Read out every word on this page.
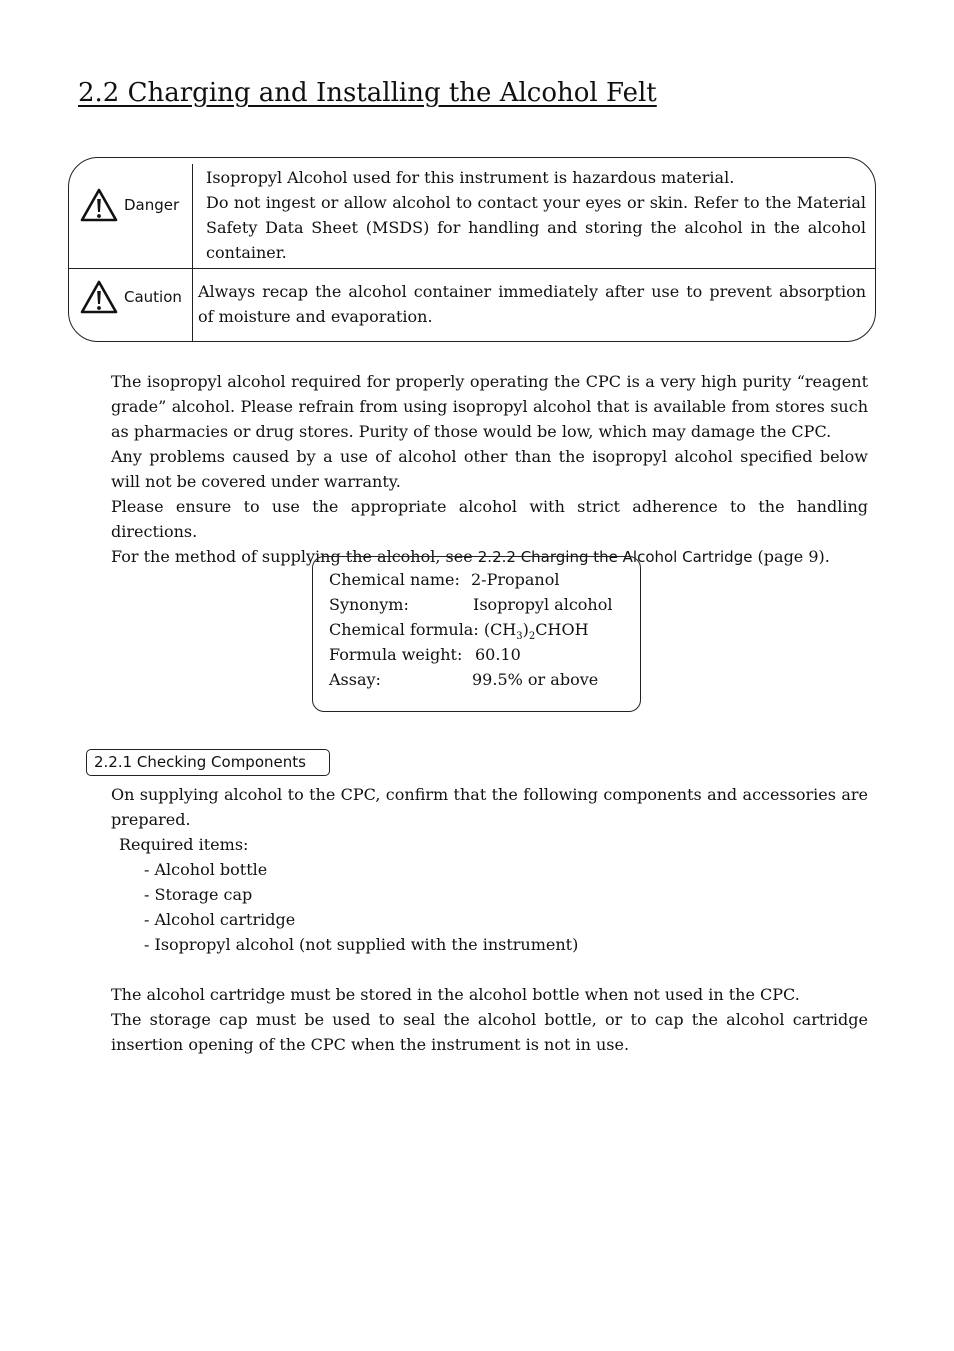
2.2 Charging and Installing the Alcohol Felt
Danger
Isopropyl Alcohol used for this instrument is hazardous material.
Do not ingest or allow alcohol to contact your eyes or skin. Refer to the Material Safety Data Sheet (MSDS) for handling and storing the alcohol in the alcohol container.
Caution Always recap the alcohol container immediately after use to prevent absorption of moisture and evaporation.

The isopropyl alcohol required for properly operating the CPC is a very high purity “reagent grade” alcohol. Please refrain from using isopropyl alcohol that is available from stores such as pharmacies or drug stores. Purity of those would be low, which may damage the CPC.

Any problems caused by a use of alcohol other than the isopropyl alcohol specified below will not be covered under warranty.

Please ensure to use the appropriate alcohol with strict adherence to the handling directions.

For the method of supplying the alcohol, see 2.2.2 Charging the Alcohol Cartridge (page 9).

Chemical name: 2-Propanol
Synonym:	Isopropyl alcohol
Chemical formula: $(CH_3)_2CHOH$
Formula weight: 60.10
Assay:	99.5% or above
2.2.1 Checking Components
On supplying alcohol to the CPC, confirm that the following components and accessories are prepared.
Required items:
- Alcohol bottle
- Storage cap
- Alcohol cartridge
- Isopropyl alcohol (not supplied with the instrument)

The alcohol cartridge must be stored in the alcohol bottle when not used in the CPC.

The storage cap must be used to seal the alcohol bottle, or to cap the alcohol cartridge insertion opening of the CPC when the instrument is not in use.
